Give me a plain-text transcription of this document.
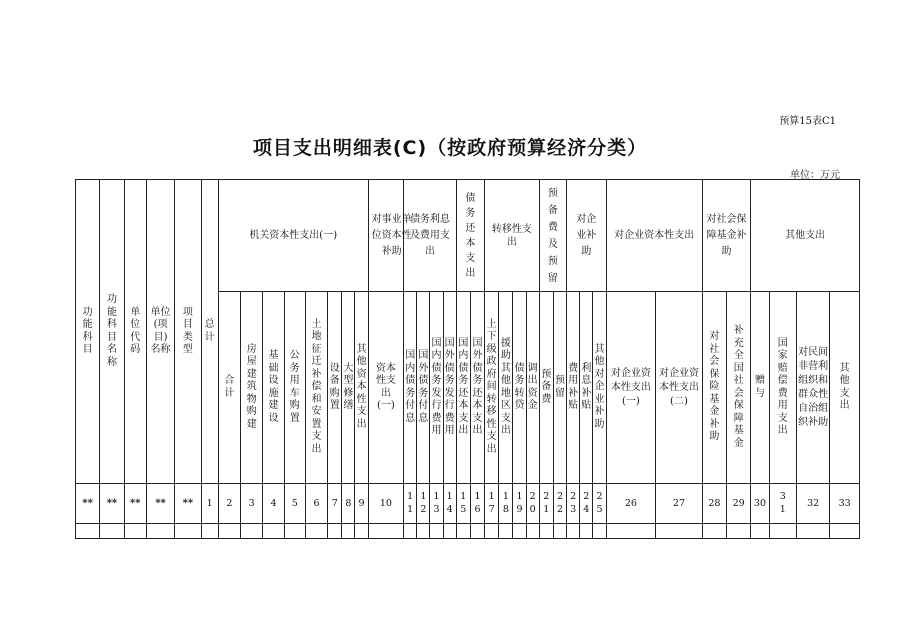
预算15表C1
项目支出明细表(C)（按政府预算经济分类）
单位：万元
功能科目	功能科目名称	单位代码	单位(项目)名称	项目类型	总计	机关资本性支出(一)								对事业单位资本性补助	债务利息及费用支出				债务还本支出		转移性支出				预备费及预留		对企业补助			对企业资本性支出		对社会保障基金补助		其他支出			
						合计	房屋建筑物购建	基础设施建设	公务用车购置	土地征迁补偿和安置支出	设备购置	大型修缮	其他资本性支出	资本性支出(一)	国内债务付息	国外债务付息	国内债务发行费用	国外债务发行费用	国内债务还本支出	国外债务还本支出	上下级政府间转移性支出	援助其他地区支出	债务转贷	调出资金	预备费	预留	费用补贴	利息补贴	其他对企业补助	对企业资本性支出(一)	对企业资本性支出(二)	对社会保险基金补助	补充全国社会保障基金	赠与	国家赔偿费用支出	对民间非营利组织和群众性自治组织补助	其他支出
**	**	**	**	**	1	2	3	4	5	6	7	8	9	10	11	12	13	14	15	16	17	18	19	20	21	22	23	24	25	26	27	28	29	30	31	32	33
